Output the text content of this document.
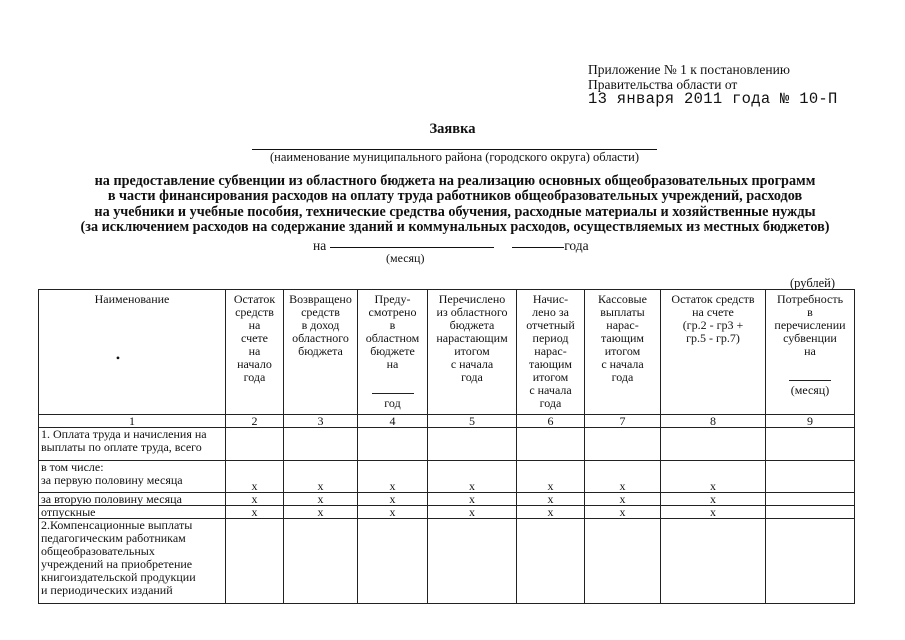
Приложение № 1 к постановлению
Правительства области от
13 января 2011 года № 10-П
Заявка
(наименование муниципального района (городского округа) области)
на предоставление субвенции из областного бюджета на реализацию основных общеобразовательных программ
в части финансирования расходов на оплату труда работников общеобразовательных учреждений, расходов
на учебники и учебные пособия, технические средства обучения, расходные материалы и хозяйственные нужды
(за исключением расходов на содержание зданий и коммунальных расходов, осуществляемых из местных бюджетов)
на	года
(месяц)
(рублей)
Наименование
•

Остаток
средств
на
счете
на
начало
года

Возвращено
средств
в доход
областного
бюджета

Преду-
смотрено
в
областном
бюджете
на

год

Перечислено
из областного
бюджета
нарастающим
итогом
с начала
года

Начис-
лено за
отчетный
период
нарас-
тающим
итогом
с начала
года

Кассовые
выплаты
нарас-
тающим
итогом
с начала
года

Остаток средств
на счете
(гр.2 - гр3 +
гр.5 - гр.7)

Потребность
в
перечислении
субвенции
на

(месяц)

1	2	3	4	5	6	7	8	9

1. Оплата труда и начисления на
выплаты по оплате труда, всего								

в том числе:
за первую половину месяца	x	x	x	x	x	x	x	

за вторую половину месяца	x	x	x	x	x	x	x	

отпускные	x	x	x	x	x	x	x	

2.Компенсационные выплаты
педагогическим работникам
общеобразовательных
учреждений на приобретение
книгоиздательской продукции
и периодических изданий
